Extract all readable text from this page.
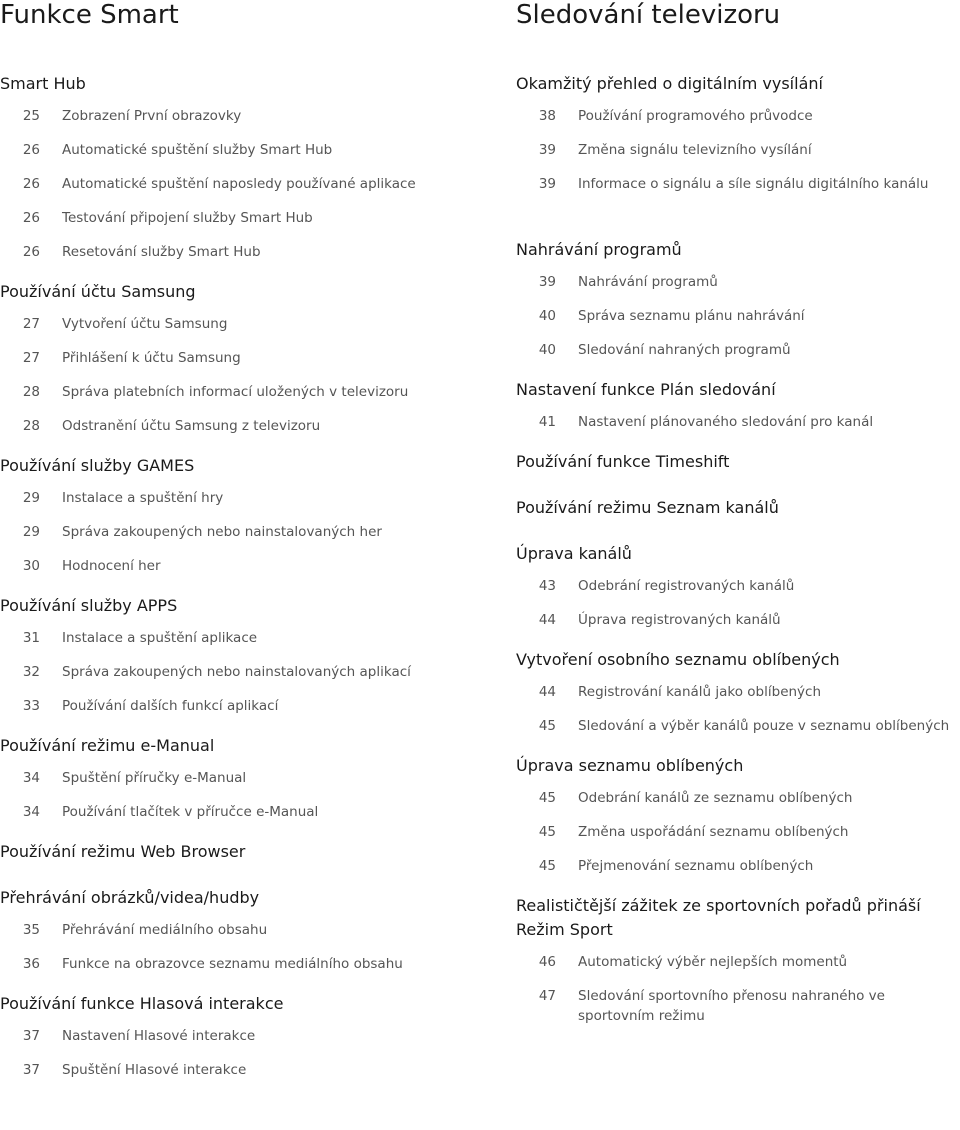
Funkce Smart
Smart Hub
25	Zobrazení První obrazovky
26	Automatické spuštění služby Smart Hub
26	Automatické spuštění naposledy používané aplikace
26	Testování připojení služby Smart Hub
26	Resetování služby Smart Hub
Používání účtu Samsung
27	Vytvoření účtu Samsung
27	Přihlášení k účtu Samsung
28	Správa platebních informací uložených v televizoru
28	Odstranění účtu Samsung z televizoru
Používání služby GAMES
29	Instalace a spuštění hry
29	Správa zakoupených nebo nainstalovaných her
30	Hodnocení her
Používání služby APPS
31	Instalace a spuštění aplikace
32	Správa zakoupených nebo nainstalovaných aplikací
33	Používání dalších funkcí aplikací
Používání režimu e-Manual
34	Spuštění příručky e-Manual
34	Používání tlačítek v příručce e-Manual
Používání režimu Web Browser
Přehrávání obrázků/videa/hudby
35	Přehrávání mediálního obsahu
36	Funkce na obrazovce seznamu mediálního obsahu
Používání funkce Hlasová interakce
37	Nastavení Hlasové interakce
37	Spuštění Hlasové interakce
Sledování televizoru
Okamžitý přehled o digitálním vysílání
38	Používání programového průvodce
39	Změna signálu televizního vysílání
39	Informace o signálu a síle signálu digitálního kanálu
Nahrávání programů
39	Nahrávání programů
40	Správa seznamu plánu nahrávání
40	Sledování nahraných programů
Nastavení funkce Plán sledování
41	Nastavení plánovaného sledování pro kanál
Používání funkce Timeshift
Používání režimu Seznam kanálů
Úprava kanálů
43	Odebrání registrovaných kanálů
44	Úprava registrovaných kanálů
Vytvoření osobního seznamu oblíbených
44	Registrování kanálů jako oblíbených
45	Sledování a výběr kanálů pouze v seznamu oblíbených
Úprava seznamu oblíbených
45	Odebrání kanálů ze seznamu oblíbených
45	Změna uspořádání seznamu oblíbených
45	Přejmenování seznamu oblíbených
Realističtější zážitek ze sportovních pořadů přináší Režim Sport
46	Automatický výběr nejlepších momentů
47	Sledování sportovního přenosu nahraného ve sportovním režimu
